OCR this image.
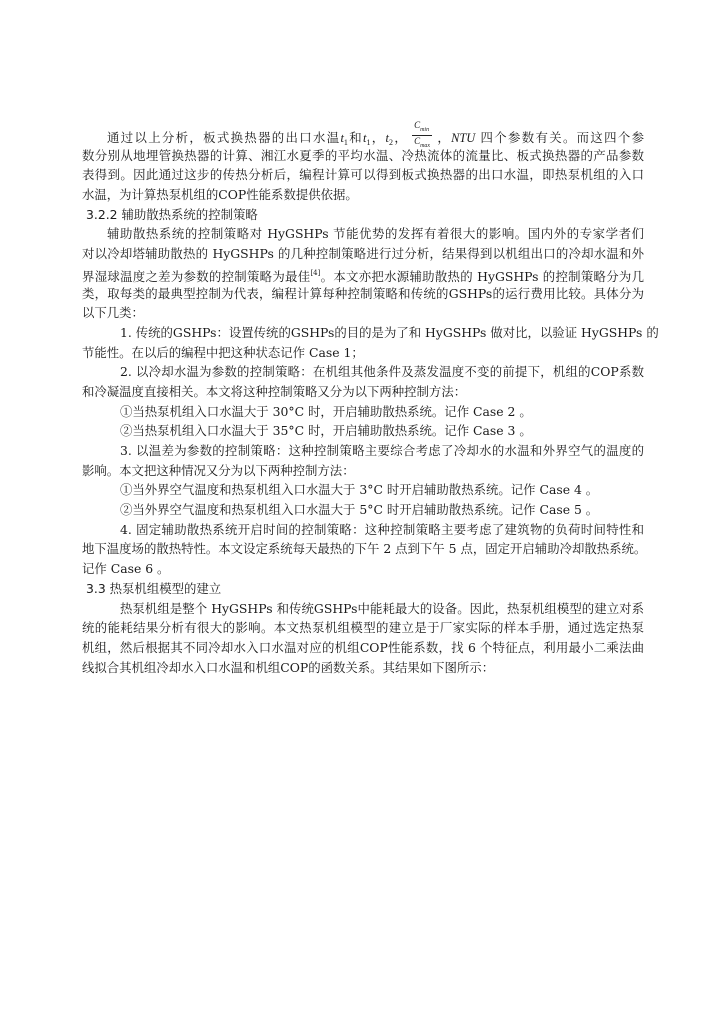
通过以上分析，板式换热器的出口水温$t_1$和$t_1$，$t_2$， $\frac{C_{min}}{C_{max}}$ ，NTU 四个参数有关。而这四个参
数分别从地埋管换热器的计算、湘江水夏季的平均水温、冷热流体的流量比、板式换热器的产品参数
表得到。因此通过这步的传热分析后，编程计算可以得到板式换热器的出口水温，即热泵机组的入口
水温，为计算热泵机组的COP性能系数提供依据。
3.2.2 辅助散热系统的控制策略
辅助散热系统的控制策略对 HyGSHPs 节能优势的发挥有着很大的影响。国内外的专家学者们
对以冷却塔辅助散热的 HyGSHPs 的几种控制策略进行过分析，结果得到以机组出口的冷却水温和外
界湿球温度之差为参数的控制策略为最佳[4]。本文亦把水源辅助散热的 HyGSHPs 的控制策略分为几
类，取每类的最典型控制为代表，编程计算每种控制策略和传统的GSHPs的运行费用比较。具体分为
以下几类：
1. 传统的GSHPs：设置传统的GSHPs的目的是为了和 HyGSHPs 做对比，以验证 HyGSHPs 的
节能性。在以后的编程中把这种状态记作 Case 1；
2. 以冷却水温为参数的控制策略：在机组其他条件及蒸发温度不变的前提下，机组的COP系数
和冷凝温度直接相关。本文将这种控制策略又分为以下两种控制方法：
①当热泵机组入口水温大于 30°C 时，开启辅助散热系统。记作 Case 2 。
②当热泵机组入口水温大于 35°C 时，开启辅助散热系统。记作 Case 3 。
3. 以温差为参数的控制策略：这种控制策略主要综合考虑了冷却水的水温和外界空气的温度的
影响。本文把这种情况又分为以下两种控制方法：
①当外界空气温度和热泵机组入口水温大于 3°C 时开启辅助散热系统。记作 Case 4 。
②当外界空气温度和热泵机组入口水温大于 5°C 时开启辅助散热系统。记作 Case 5 。
4. 固定辅助散热系统开启时间的控制策略：这种控制策略主要考虑了建筑物的负荷时间特性和
地下温度场的散热特性。本文设定系统每天最热的下午 2 点到下午 5 点，固定开启辅助冷却散热系统。
记作 Case 6 。
3.3 热泵机组模型的建立
热泵机组是整个 HyGSHPs 和传统GSHPs中能耗最大的设备。因此，热泵机组模型的建立对系
统的能耗结果分析有很大的影响。本文热泵机组模型的建立是于厂家实际的样本手册，通过选定热泵
机组，然后根据其不同冷却水入口水温对应的机组COP性能系数，找 6 个特征点，利用最小二乘法曲
线拟合其机组冷却水入口水温和机组COP的函数关系。其结果如下图所示：
